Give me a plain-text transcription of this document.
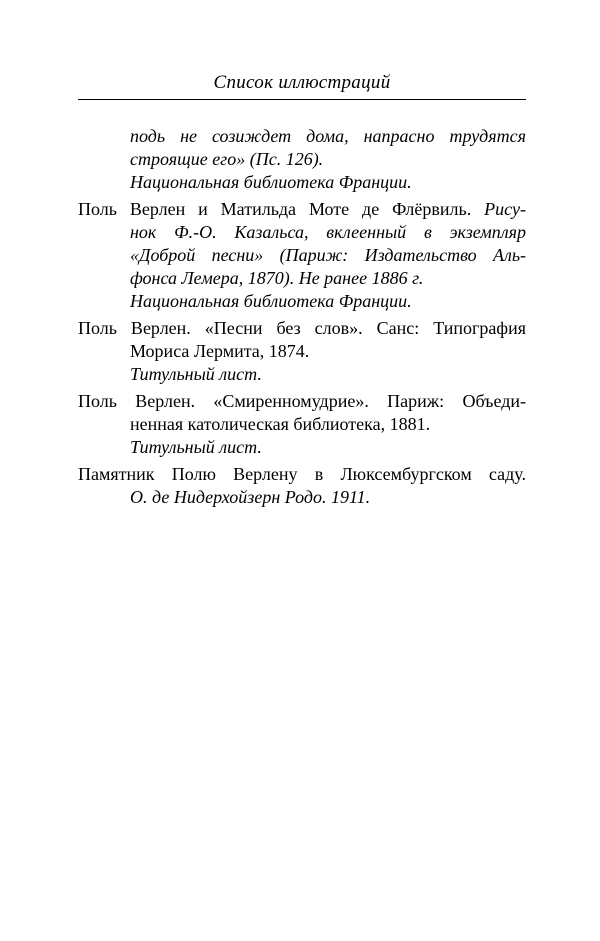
Список иллюстраций
подь не созиждет дома, напрасно трудятся
строящие его» (Пс. 126).
Национальная библиотека Франции.
Поль Верлен и Матильда Моте де Флёрвиль. Рису-
нок Ф.-О. Казальса, вклеенный в экземпляр
«Доброй песни» (Париж: Издательство Аль-
фонса Лемера, 1870). Не ранее 1886 г.
Национальная библиотека Франции.
Поль Верлен. «Песни без слов». Санс: Типография
Мориса Лермита, 1874.
Титульный лист.
Поль Верлен. «Смиренномудрие». Париж: Объеди-
ненная католическая библиотека, 1881.
Титульный лист.
Памятник Полю Верлену в Люксембургском саду.
О. де Нидерхойзерн Родо. 1911.
